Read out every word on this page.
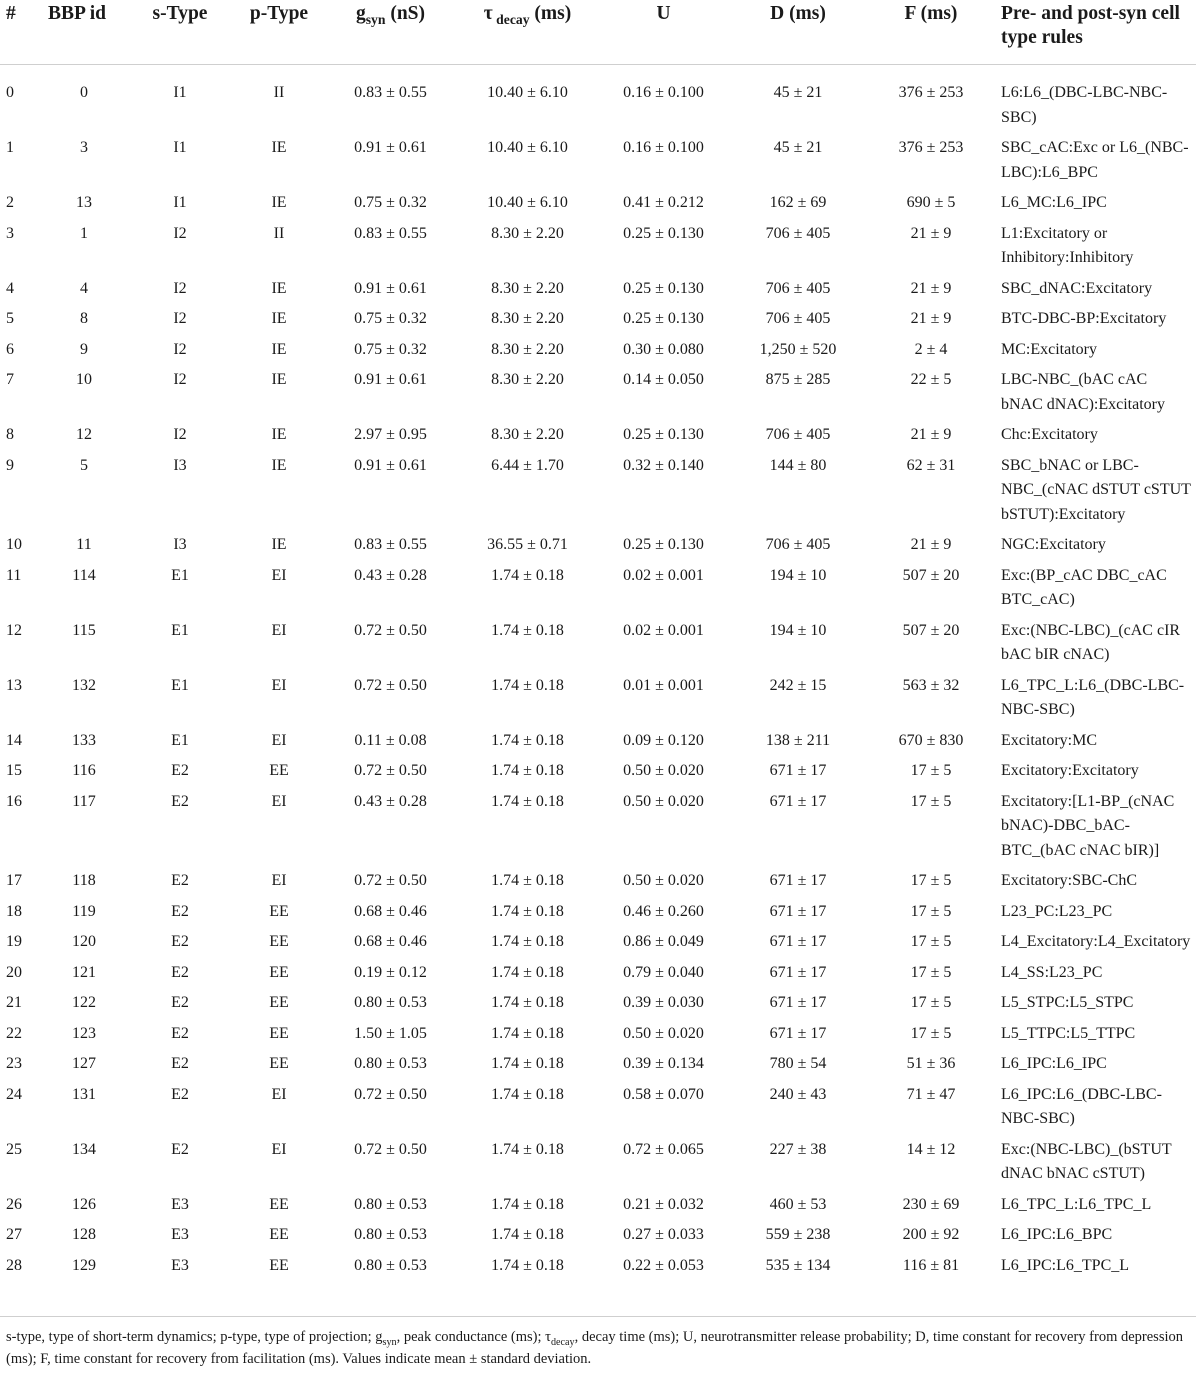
#	BBP id	s-Type	p-Type	$g_{syn}$ (nS)	τ $_{decay}$ (ms)	U	D (ms)	F (ms)	Pre- and post-syn cell type rules
0	0	I1	II	0.83 ± 0.55	10.40 ± 6.10	0.16 ± 0.100	45 ± 21	376 ± 253	L6:L6_(DBC-LBC-NBC-SBC)
1	3	I1	IE	0.91 ± 0.61	10.40 ± 6.10	0.16 ± 0.100	45 ± 21	376 ± 253	SBC_cAC:Exc or L6_(NBC-LBC):L6_BPC
2	13	I1	IE	0.75 ± 0.32	10.40 ± 6.10	0.41 ± 0.212	162 ± 69	690 ± 5	L6_MC:L6_IPC
3	1	I2	II	0.83 ± 0.55	8.30 ± 2.20	0.25 ± 0.130	706 ± 405	21 ± 9	L1:Excitatory or Inhibitory:Inhibitory
4	4	I2	IE	0.91 ± 0.61	8.30 ± 2.20	0.25 ± 0.130	706 ± 405	21 ± 9	SBC_dNAC:Excitatory
5	8	I2	IE	0.75 ± 0.32	8.30 ± 2.20	0.25 ± 0.130	706 ± 405	21 ± 9	BTC-DBC-BP:Excitatory
6	9	I2	IE	0.75 ± 0.32	8.30 ± 2.20	0.30 ± 0.080	1,250 ± 520	2 ± 4	MC:Excitatory
7	10	I2	IE	0.91 ± 0.61	8.30 ± 2.20	0.14 ± 0.050	875 ± 285	22 ± 5	LBC-NBC_(bAC cAC bNAC dNAC):Excitatory
8	12	I2	IE	2.97 ± 0.95	8.30 ± 2.20	0.25 ± 0.130	706 ± 405	21 ± 9	Chc:Excitatory
9	5	I3	IE	0.91 ± 0.61	6.44 ± 1.70	0.32 ± 0.140	144 ± 80	62 ± 31	SBC_bNAC or LBC-NBC_(cNAC dSTUT cSTUT bSTUT):Excitatory
10	11	I3	IE	0.83 ± 0.55	36.55 ± 0.71	0.25 ± 0.130	706 ± 405	21 ± 9	NGC:Excitatory
11	114	E1	EI	0.43 ± 0.28	1.74 ± 0.18	0.02 ± 0.001	194 ± 10	507 ± 20	Exc:(BP_cAC DBC_cAC BTC_cAC)
12	115	E1	EI	0.72 ± 0.50	1.74 ± 0.18	0.02 ± 0.001	194 ± 10	507 ± 20	Exc:(NBC-LBC)_(cAC cIR bAC bIR cNAC)
13	132	E1	EI	0.72 ± 0.50	1.74 ± 0.18	0.01 ± 0.001	242 ± 15	563 ± 32	L6_TPC_L:L6_(DBC-LBC-NBC-SBC)
14	133	E1	EI	0.11 ± 0.08	1.74 ± 0.18	0.09 ± 0.120	138 ± 211	670 ± 830	Excitatory:MC
15	116	E2	EE	0.72 ± 0.50	1.74 ± 0.18	0.50 ± 0.020	671 ± 17	17 ± 5	Excitatory:Excitatory
16	117	E2	EI	0.43 ± 0.28	1.74 ± 0.18	0.50 ± 0.020	671 ± 17	17 ± 5	Excitatory:[L1-BP_(cNAC bNAC)-DBC_bAC-BTC_(bAC cNAC bIR)]
17	118	E2	EI	0.72 ± 0.50	1.74 ± 0.18	0.50 ± 0.020	671 ± 17	17 ± 5	Excitatory:SBC-ChC
18	119	E2	EE	0.68 ± 0.46	1.74 ± 0.18	0.46 ± 0.260	671 ± 17	17 ± 5	L23_PC:L23_PC
19	120	E2	EE	0.68 ± 0.46	1.74 ± 0.18	0.86 ± 0.049	671 ± 17	17 ± 5	L4_Excitatory:L4_Excitatory
20	121	E2	EE	0.19 ± 0.12	1.74 ± 0.18	0.79 ± 0.040	671 ± 17	17 ± 5	L4_SS:L23_PC
21	122	E2	EE	0.80 ± 0.53	1.74 ± 0.18	0.39 ± 0.030	671 ± 17	17 ± 5	L5_STPC:L5_STPC
22	123	E2	EE	1.50 ± 1.05	1.74 ± 0.18	0.50 ± 0.020	671 ± 17	17 ± 5	L5_TTPC:L5_TTPC
23	127	E2	EE	0.80 ± 0.53	1.74 ± 0.18	0.39 ± 0.134	780 ± 54	51 ± 36	L6_IPC:L6_IPC
24	131	E2	EI	0.72 ± 0.50	1.74 ± 0.18	0.58 ± 0.070	240 ± 43	71 ± 47	L6_IPC:L6_(DBC-LBC-NBC-SBC)
25	134	E2	EI	0.72 ± 0.50	1.74 ± 0.18	0.72 ± 0.065	227 ± 38	14 ± 12	Exc:(NBC-LBC)_(bSTUT dNAC bNAC cSTUT)
26	126	E3	EE	0.80 ± 0.53	1.74 ± 0.18	0.21 ± 0.032	460 ± 53	230 ± 69	L6_TPC_L:L6_TPC_L
27	128	E3	EE	0.80 ± 0.53	1.74 ± 0.18	0.27 ± 0.033	559 ± 238	200 ± 92	L6_IPC:L6_BPC
28	129	E3	EE	0.80 ± 0.53	1.74 ± 0.18	0.22 ± 0.053	535 ± 134	116 ± 81	L6_IPC:L6_TPC_L
s-type, type of short-term dynamics; p-type, type of projection; $g_{syn}$, peak conductance (ms); $\tau_{decay}$, decay time (ms); U, neurotransmitter release probability; D, time constant for recovery from depression (ms); F, time constant for recovery from facilitation (ms). Values indicate mean ± standard deviation.
